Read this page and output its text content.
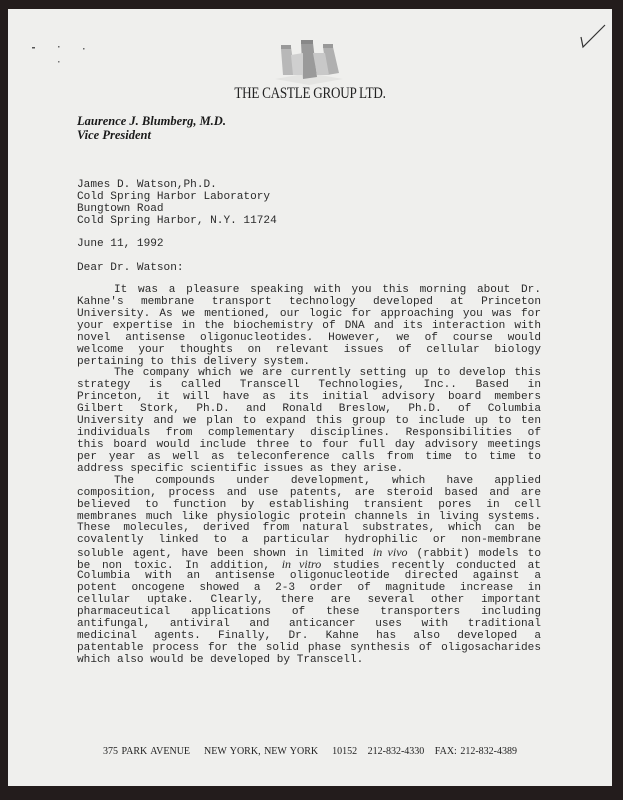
THE CASTLE GROUP LTD.
Laurence J. Blumberg, M.D.
Vice President
James D. Watson,Ph.D.
Cold Spring Harbor Laboratory
Bungtown Road
Cold Spring Harbor, N.Y. 11724
June 11, 1992
Dear Dr. Watson:
It was a pleasure speaking with you this morning about Dr.
Kahne's membrane transport technology developed at Princeton
University. As we mentioned, our logic for approaching you was for
your expertise in the biochemistry of DNA and its interaction with
novel antisense oligonucleotides. However, we of course would
welcome your thoughts on relevant issues of cellular biology
pertaining to this delivery system.
The company which we are currently setting up to develop this
strategy is called Transcell Technologies, Inc.. Based in
Princeton, it will have as its initial advisory board members
Gilbert Stork, Ph.D. and Ronald Breslow, Ph.D. of Columbia
University and we plan to expand this group to include up to ten
individuals from complementary disciplines. Responsibilities of
this board would include three to four full day advisory meetings
per year as well as teleconference calls from time to time to
address specific scientific issues as they arise.
The compounds under development, which have applied
composition, process and use patents, are steroid based and are
believed to function by establishing transient pores in cell
membranes much like physiologic protein channels in living systems.
These molecules, derived from natural substrates, which can be
covalently linked to a particular hydrophilic or non-membrane
soluble agent, have been shown in limited in vivo (rabbit) models to
be non toxic. In addition, in vitro studies recently conducted at
Columbia with an antisense oligonucleotide directed against a
potent oncogene showed a 2-3 order of magnitude increase in
cellular uptake. Clearly, there are several other important
pharmaceutical applications of these transporters including
antifungal, antiviral and anticancer uses with traditional
medicinal agents. Finally, Dr. Kahne has also developed a
patentable process for the solid phase synthesis of oligosacharides
which also would be developed by Transcell.
375 PARK AVENUE    NEW YORK, NEW YORK    10152   212-832-4330   FAX: 212-832-4389
